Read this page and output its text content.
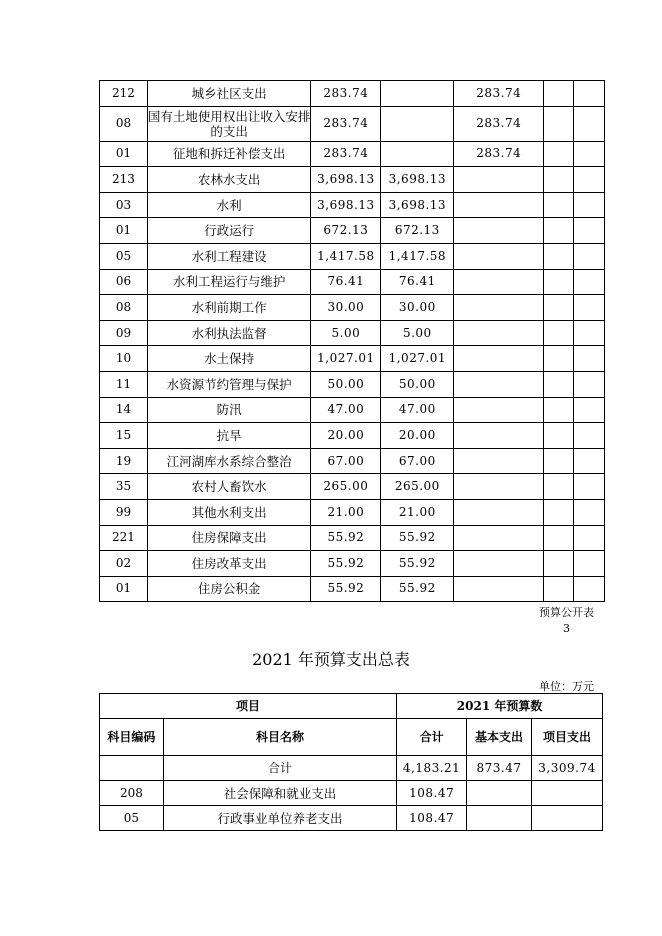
212	城乡社区支出	283.74		283.74		
08	国有土地使用权出让收入安排的支出	283.74		283.74		
01	征地和拆迁补偿支出	283.74		283.74		
213	农林水支出	3,698.13	3,698.13			
03	水利	3,698.13	3,698.13			
01	行政运行	672.13	672.13			
05	水利工程建设	1,417.58	1,417.58			
06	水利工程运行与维护	76.41	76.41			
08	水利前期工作	30.00	30.00			
09	水利执法监督	5.00	5.00			
10	水土保持	1,027.01	1,027.01			
11	水资源节约管理与保护	50.00	50.00			
14	防汛	47.00	47.00			
15	抗旱	20.00	20.00			
19	江河湖库水系综合整治	67.00	67.00			
35	农村人畜饮水	265.00	265.00			
99	其他水利支出	21.00	21.00			
221	住房保障支出	55.92	55.92			
02	住房改革支出	55.92	55.92			
01	住房公积金	55.92	55.92			
预算公开表
3
2021 年预算支出总表
单位：万元
项目		2021 年预算数		
科目编码	科目名称	合计	基本支出	项目支出
	合计	4,183.21	873.47	3,309.74
208	社会保障和就业支出	108.47		
05	行政事业单位养老支出	108.47		
